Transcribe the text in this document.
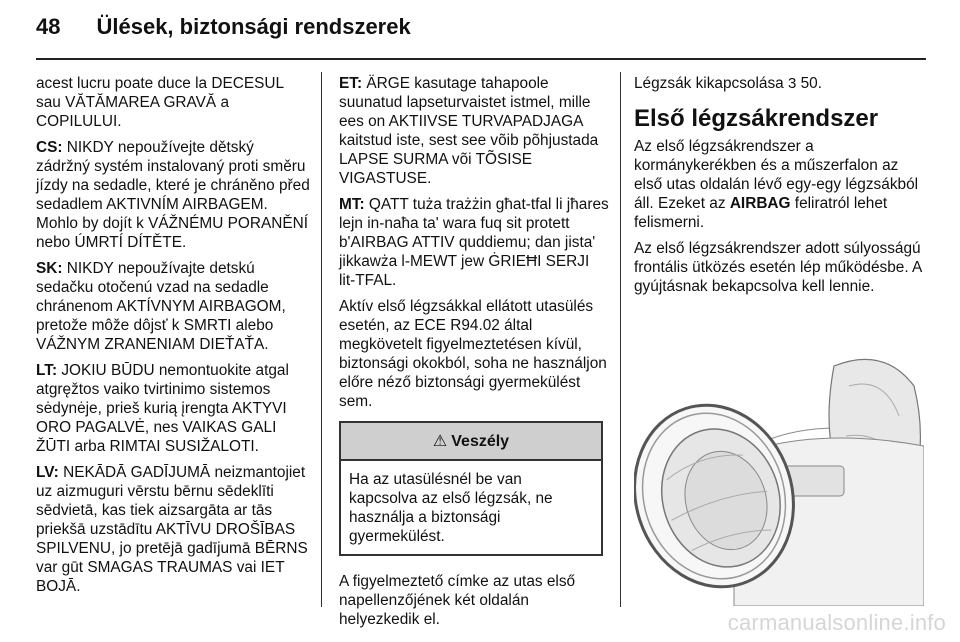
48 Ülések, biztonsági rendszerek

acest lucru poate duce la DECESUL sau VĂTĂMAREA GRAVĂ a COPILULUI.

CS: NIKDY nepoužívejte dětský zádržný systém instalovaný proti směru jízdy na sedadle, které je chráněno před sedadlem AKTIVNÍM AIRBAGEM. Mohlo by dojít k VÁŽNÉMU PORANĚNÍ nebo ÚMRTÍ DÍTĚTE.

SK: NIKDY nepoužívajte detskú sedačku otočenú vzad na sedadle chránenom AKTÍVNYM AIRBAGOM, pretože môže dôjsť k SMRTI alebo VÁŽNYM ZRANENIAM DIEŤAŤA.

LT: JOKIU BŪDU nemontuokite atgal atgręžtos vaiko tvirtinimo sistemos sėdynėje, prieš kurią įrengta AKTYVI ORO PAGALVĖ, nes VAIKAS GALI ŽŪTI arba RIMTAI SUSIŽALOTI.

LV: NEKĀDĀ GADĪJUMĀ neizmantojiet uz aizmuguri vērstu bērnu sēdeklīti sēdvietā, kas tiek aizsargāta ar tās priekšā uzstādītu AKTĪVU DROŠĪBAS SPILVENU, jo pretējā gadījumā BĒRNS var gūt SMAGAS TRAUMAS vai IET BOJĀ.

ET: ÄRGE kasutage tahapoole suunatud lapseturvaistet istmel, mille ees on AKTIIVSE TURVAPADJAGA kaitstud iste, sest see võib põhjustada LAPSE SURMA või TÕSISE VIGASTUSE.

MT: QATT tuża trażżin għat-tfal li jħares lejn in-naħa ta' wara fuq sit protett b'AIRBAG ATTIV quddiemu; dan jista' jikkawża l-MEWT jew ĠRIEĦI SERJI lit-TFAL.

Aktív első légzsákkal ellátott utasülés esetén, az ECE R94.02 által megkövetelt figyelmeztetésen kívül, biztonsági okokból, soha ne használjon előre néző biztonsági gyermekülést sem.

⚠ Veszély

Ha az utasülésnél be van kapcsolva az első légzsák, ne használja a biztonsági gyermekülést.

A figyelmeztető címke az utas első napellenzőjének két oldalán helyezkedik el.

Légzsák kikapcsolása 3 50.

Első légzsákrendszer

Az első légzsákrendszer a kormánykerékben és a műszerfalon az első utas oldalán lévő egy-egy légzsákból áll. Ezeket az AIRBAG feliratról lehet felismerni.

Az első légzsákrendszer adott súlyosságú frontális ütközés esetén lép működésbe. A gyújtásnak bekapcsolva kell lennie.

carmanualsonline.info
